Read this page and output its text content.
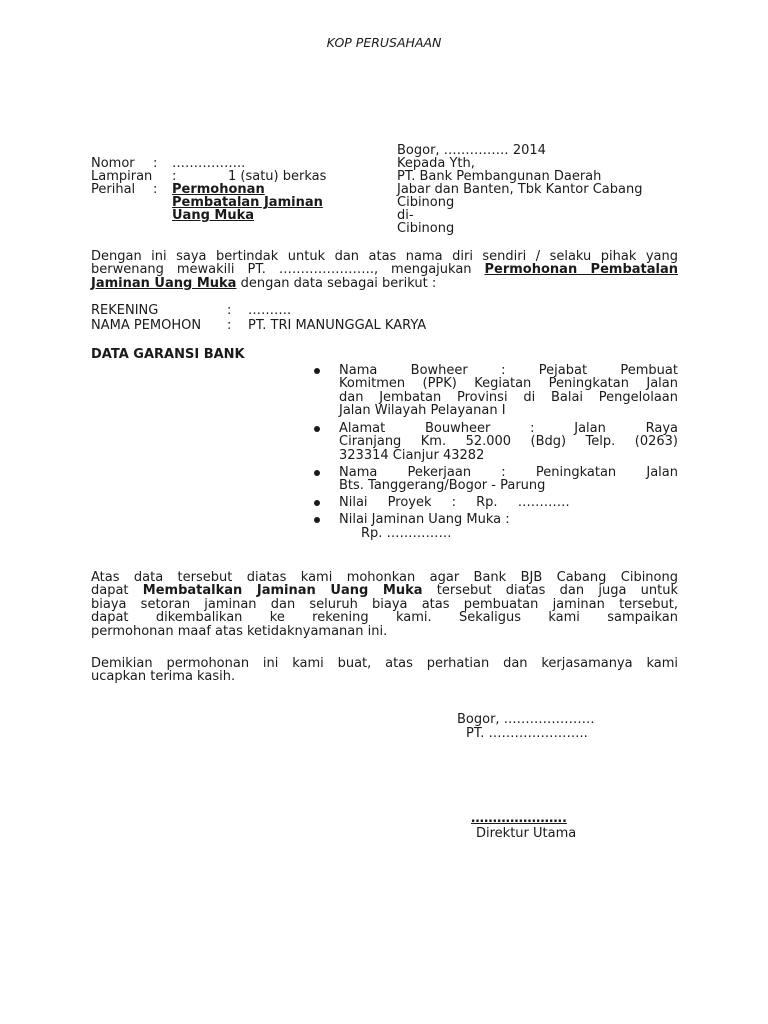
KOP PERUSAHAAN
Bogor, …………… 2014
Kepada Yth,
PT. Bank Pembangunan Daerah
Jabar dan Banten, Tbk Kantor Cabang
Cibinong
di-
Cibinong
Nomor : ……………..
Lampiran :	1 (satu) berkas
Perihal : Permohonan
Pembatalan Jaminan
Uang Muka
Dengan ini saya bertindak untuk dan atas nama diri sendiri / selaku pihak yang
berwenang mewakili PT. …………………., mengajukan Permohonan Pembatalan
Jaminan Uang Muka dengan data sebagai berikut :
REKENING	: ……….
NAMA PEMOHON : PT. TRI MANUNGGAL KARYA
DATA GARANSI BANK
Nama Bowheer : Pejabat Pembuat
Komitmen (PPK) Kegiatan Peningkatan Jalan
dan Jembatan Provinsi di Balai Pengelolaan
Jalan Wilayah Pelayanan I
Alamat Bouwheer : Jalan Raya
Ciranjang Km. 52.000 (Bdg) Telp. (0263)
323314 Cianjur 43282
Nama Pekerjaan : Peningkatan Jalan
Bts. Tanggerang/Bogor - Parung
Nilai Proyek : Rp. …………
Nilai Jaminan Uang Muka :
Rp. ……………
Atas data tersebut diatas kami mohonkan agar Bank BJB Cabang Cibinong
dapat Membatalkan Jaminan Uang Muka tersebut diatas dan juga untuk
biaya setoran jaminan dan seluruh biaya atas pembuatan jaminan tersebut,
dapat dikembalikan ke rekening kami. Sekaligus kami sampaikan
permohonan maaf atas ketidaknyamanan ini.
Demikian permohonan ini kami buat, atas perhatian dan kerjasamanya kami
ucapkan terima kasih.
Bogor, …………………
PT. …………………..
………………….
Direktur Utama
